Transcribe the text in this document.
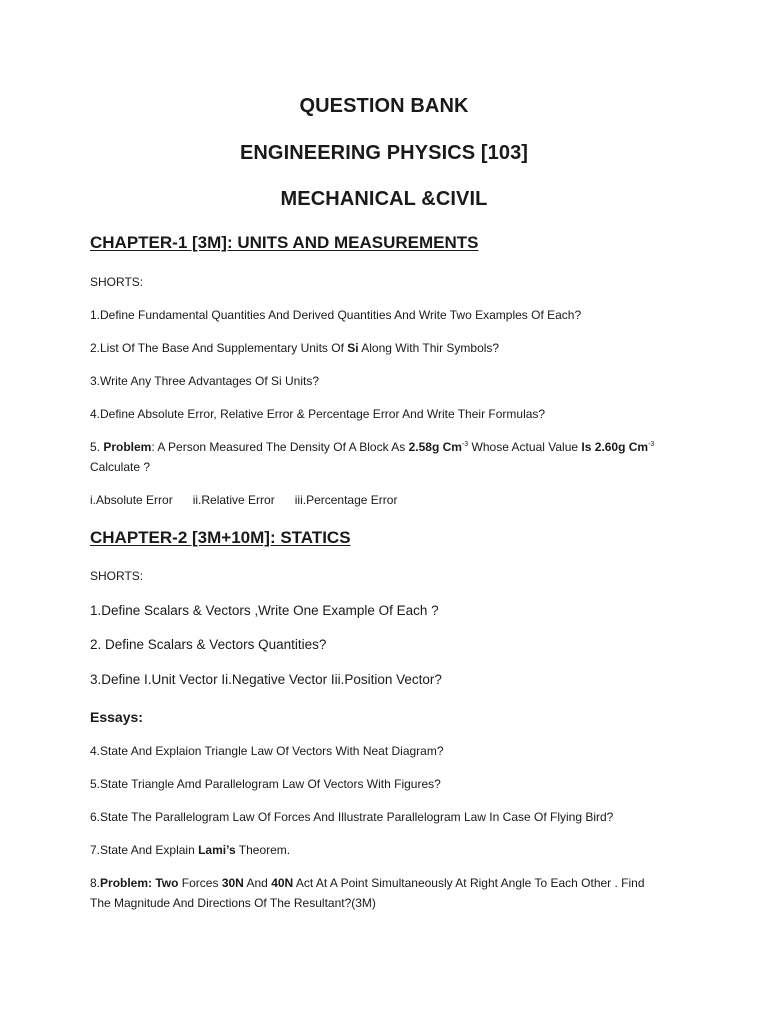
QUESTION BANK
ENGINEERING PHYSICS [103]
MECHANICAL &CIVIL
CHAPTER-1 [3M]: UNITS AND MEASUREMENTS
SHORTS:
1.Define Fundamental Quantities And Derived Quantities And Write Two Examples Of Each?
2.List Of The Base And Supplementary Units Of Si Along With Thir Symbols?
3.Write Any Three Advantages Of Si Units?
4.Define Absolute Error, Relative Error & Percentage Error And Write Their Formulas?
5. Problem: A Person Measured The Density Of A Block As 2.58g $Cm^{-3}$ Whose Actual Value Is 2.60g $Cm^{-3}$
Calculate ?
i.Absolute Error ii.Relative Error iii.Percentage Error
CHAPTER-2 [3M+10M]: STATICS
SHORTS:
1.Define Scalars & Vectors ,Write One Example Of Each ?
2. Define Scalars & Vectors Quantities?
3.Define I.Unit Vector Ii.Negative Vector Iii.Position Vector?
Essays:
4.State And Explaion Triangle Law Of Vectors With Neat Diagram?
5.State Triangle Amd Parallelogram Law Of Vectors With Figures?
6.State The Parallelogram Law Of Forces And Illustrate Parallelogram Law In Case Of Flying Bird?
7.State And Explain Lami’s Theorem.
8.Problem: Two Forces 30N And 40N Act At A Point Simultaneously At Right Angle To Each Other . Find
The Magnitude And Directions Of The Resultant?(3M)
